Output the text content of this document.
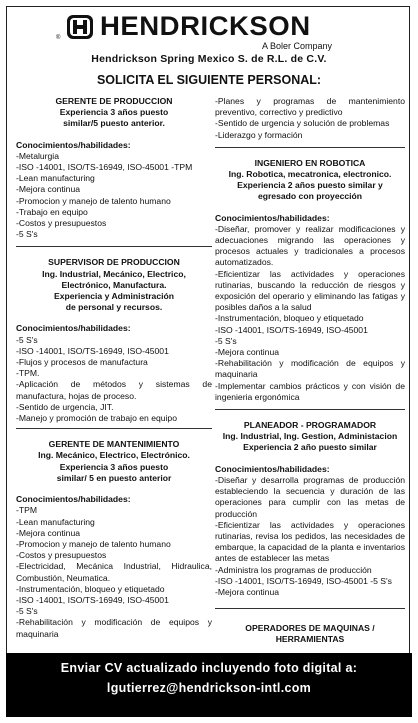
HENDRICKSON
®
A Boler Company
Hendrickson Spring Mexico S. de R.L. de C.V.
SOLICITA EL SIGUIENTE PERSONAL:
GERENTE DE PRODUCCION
Experiencia 3 años puesto
similar/5 puesto anterior.
Conocimientos/habilidades:
-Metalurgia
-ISO -14001, ISO/TS-16949, ISO-45001 -TPM
-Lean manufacturing
-Mejora continua
-Promocion y manejo de talento humano
-Trabajo en equipo
-Costos y presupuestos
-5 S's
SUPERVISOR DE PRODUCCION
Ing. Industrial, Mecánico, Electrico,
Electrónico, Manufactura.
Experiencia y Administración
de personal y recursos.
Conocimientos/habilidades:
-5 S's
-ISO -14001, ISO/TS-16949, ISO-45001
-Flujos y procesos de manufactura
-TPM.
-Aplicación de métodos y sistemas de manufactura, hojas de proceso.
-Sentido de urgencia, JIT.
-Manejo y promoción de trabajo en equipo
GERENTE DE MANTENIMIENTO
Ing. Mecánico, Electrico, Electrónico.
Experiencia 3 años puesto
similar/ 5 en puesto anterior
Conocimientos/habilidades:
-TPM
-Lean manufacturing
-Mejora continua
-Promocion y manejo de talento humano
-Costos y presupuestos
-Electricidad, Mecánica Industrial, Hidraulica, Combustión, Neumatica.
-Instrumentación, bloqueo y etiquetado
-ISO -14001, ISO/TS-16949, ISO-45001
-5 S's
-Rehabilitación y modificación de equipos y maquinaria
-Planes y programas de mantenimiento preventivo, correctivo y predictivo
-Sentido de urgencia y solución de problemas
-Liderazgo y formación
INGENIERO EN ROBOTICA
Ing. Robotica, mecatronica, electronico.
Experiencia 2 años puesto similar y
egresado con proyección
Conocimientos/habilidades:
-Diseñar, promover y realizar modificaciones y adecuaciones migrando las operaciones y procesos actuales y tradicionales a procesos automatizados.
-Eficientizar las actividades y operaciones rutinarias, buscando la reducción de riesgos y exposición del operario y eliminando las fatigas y posibles daños a la salud
-Instrumentación, bloqueo y etiquetado
-ISO -14001, ISO/TS-16949, ISO-45001
-5 S's
-Mejora continua
-Rehabilitación y modificación de equipos y maquinaria
-Implementar cambios prácticos y con visión de ingenieria ergonómica
PLANEADOR - PROGRAMADOR
Ing. Industrial, Ing. Gestion, Administacion
Experiencia 2 año puesto similar
Conocimientos/habilidades:
-Diseñar y desarrolla programas de producción estableciendo la secuencia y duración de las operaciones para cumplir con las metas de producción
-Eficientizar las actividades y operaciones rutinarias, revisa los pedidos, las necesidades de embarque, la capacidad de la planta e inventarios antes de establecer las metas
-Administra los programas de producción
-ISO -14001, ISO/TS-16949, ISO-45001 -5 S's
-Mejora continua
OPERADORES DE MAQUINAS /
HERRAMIENTAS
Enviar CV actualizado incluyendo foto digital a:
lgutierrez@hendrickson-intl.com
